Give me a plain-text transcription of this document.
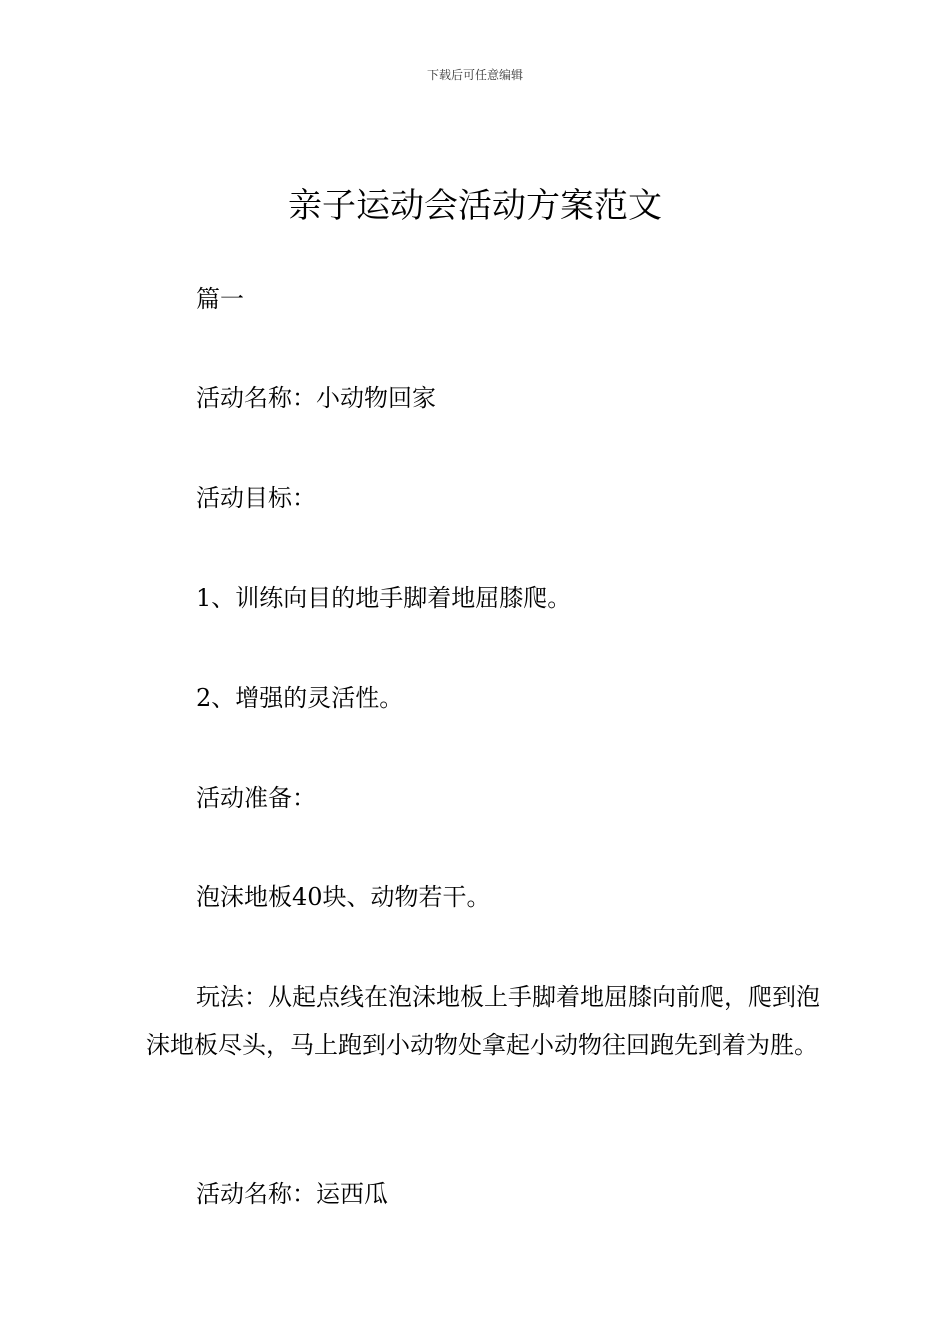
下载后可任意编辑
亲子运动会活动方案范文

篇一

活动名称：小动物回家

活动目标：

1、训练向目的地手脚着地屈膝爬。

2、增强的灵活性。

活动准备：

泡沫地板40块、动物若干。

玩法：从起点线在泡沫地板上手脚着地屈膝向前爬，爬到泡沫地板尽头，马上跑到小动物处拿起小动物往回跑先到着为胜。

活动名称：运西瓜
